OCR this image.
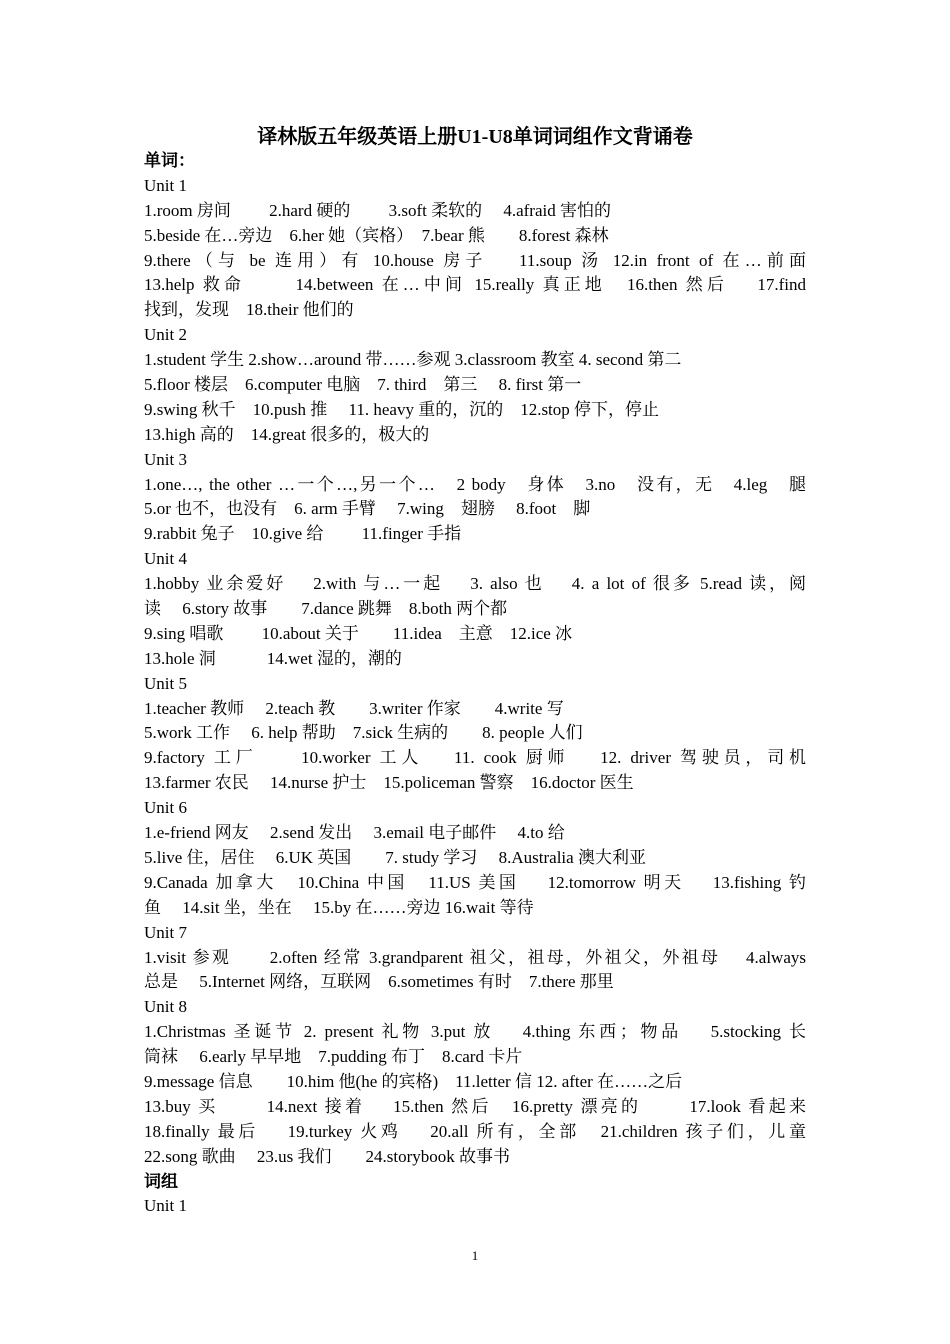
译林版五年级英语上册U1-U8单词词组作文背诵卷
单词：
Unit 1
1.room 房间　　 2.hard 硬的　　 3.soft 柔软的　 4.afraid 害怕的
5.beside 在…旁边　6.her 她（宾格）　7.bear 熊　　8.forest 森林
9.there（与 be 连用）有 10.house 房子　 11.soup 汤 12.in front of 在…前面
13.help 救命　　 14.between 在…中间 15.really 真正地　16.then 然后　 17.find
找到，发现　18.their 他们的
Unit 2
1.student 学生 2.show…around 带……参观 3.classroom 教室 4. second 第二
5.floor 楼层　6.computer 电脑　7. third　第三　 8. first 第一
9.swing 秋千　10.push 推　 11. heavy 重的，沉的　12.stop 停下，停止
13.high 高的　14.great 很多的，极大的
Unit 3
1.one…, the other …一个…,另一个…　2 body　身体　3.no　没有，无　4.leg　腿
5.or 也不，也没有　6. arm 手臂　 7.wing　翅膀　 8.foot　脚
9.rabbit 兔子　10.give 给　　 11.finger 手指
Unit 4
1.hobby 业余爱好　 2.with 与…一起　 3. also 也　 4. a lot of 很多 5.read 读，阅
读　 6.story 故事　　7.dance 跳舞　8.both 两个都
9.sing 唱歌　　 10.about 关于　　11.idea　主意　12.ice 冰
13.hole 洞　　　14.wet 湿的，潮的
Unit 5
1.teacher 教师　 2.teach 教　　3.writer 作家　　4.write 写
5.work 工作　 6. help 帮助　7.sick 生病的　　8. people 人们
9.factory 工厂　　10.worker 工人　 11. cook 厨师　 12. driver 驾驶员，司机
13.farmer 农民　 14.nurse 护士　15.policeman 警察　16.doctor 医生
Unit 6
1.e-friend 网友　 2.send 发出　 3.email 电子邮件　 4.to 给
5.live 住，居住　 6.UK 英国　　7. study 学习　 8.Australia 澳大利亚
9.Canada 加拿大　10.China 中国　11.US 美国　 12.tomorrow 明天　 13.fishing 钓
鱼　 14.sit 坐，坐在　 15.by 在……旁边 16.wait 等待
Unit 7
1.visit 参观　　2.often 经常 3.grandparent 祖父，祖母，外祖父，外祖母　 4.always
总是　 5.Internet 网络，互联网　6.sometimes 有时　7.there 那里
Unit 8
1.Christmas 圣诞节 2. present 礼物 3.put 放　 4.thing 东西；物品　 5.stocking 长
筒袜　 6.early 早早地　7.pudding 布丁　8.card 卡片
9.message 信息　　10.him 他(he 的宾格)　11.letter 信 12. after 在……之后
13.buy 买　　 14.next 接着　 15.then 然后　16.pretty 漂亮的　　 17.look 看起来
18.finally 最后　 19.turkey 火鸡　 20.all 所有，全部　21.children 孩子们，儿童
22.song 歌曲　 23.us 我们　　24.storybook 故事书
词组
Unit 1
1
